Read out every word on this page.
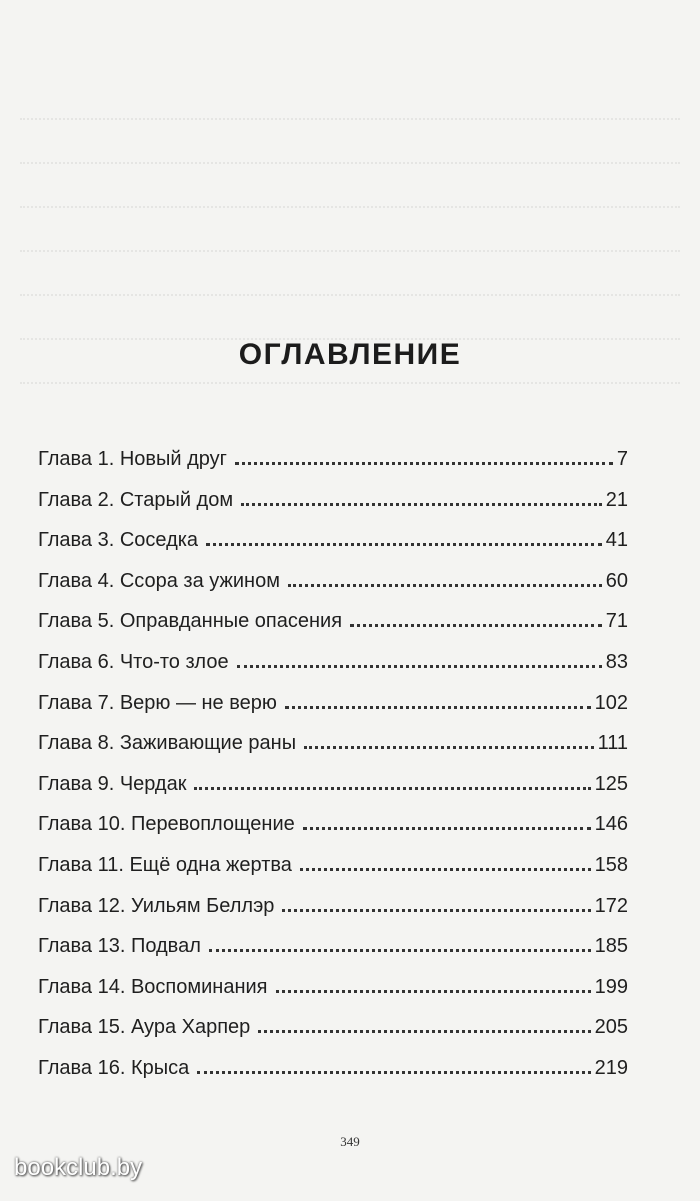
ОГЛАВЛЕНИЕ
Глава 1. Новый друг	7
Глава 2. Старый дом	21
Глава 3. Соседка	41
Глава 4. Ссора за ужином	60
Глава 5. Оправданные опасения	71
Глава 6. Что-то злое	83
Глава 7. Верю — не верю	102
Глава 8. Заживающие раны	111
Глава 9. Чердак	125
Глава 10. Перевоплощение	146
Глава 11. Ещё одна жертва	158
Глава 12. Уильям Беллэр	172
Глава 13. Подвал	185
Глава 14. Воспоминания	199
Глава 15. Аура Харпер	205
Глава 16. Крыса	219
349
bookclub.by
